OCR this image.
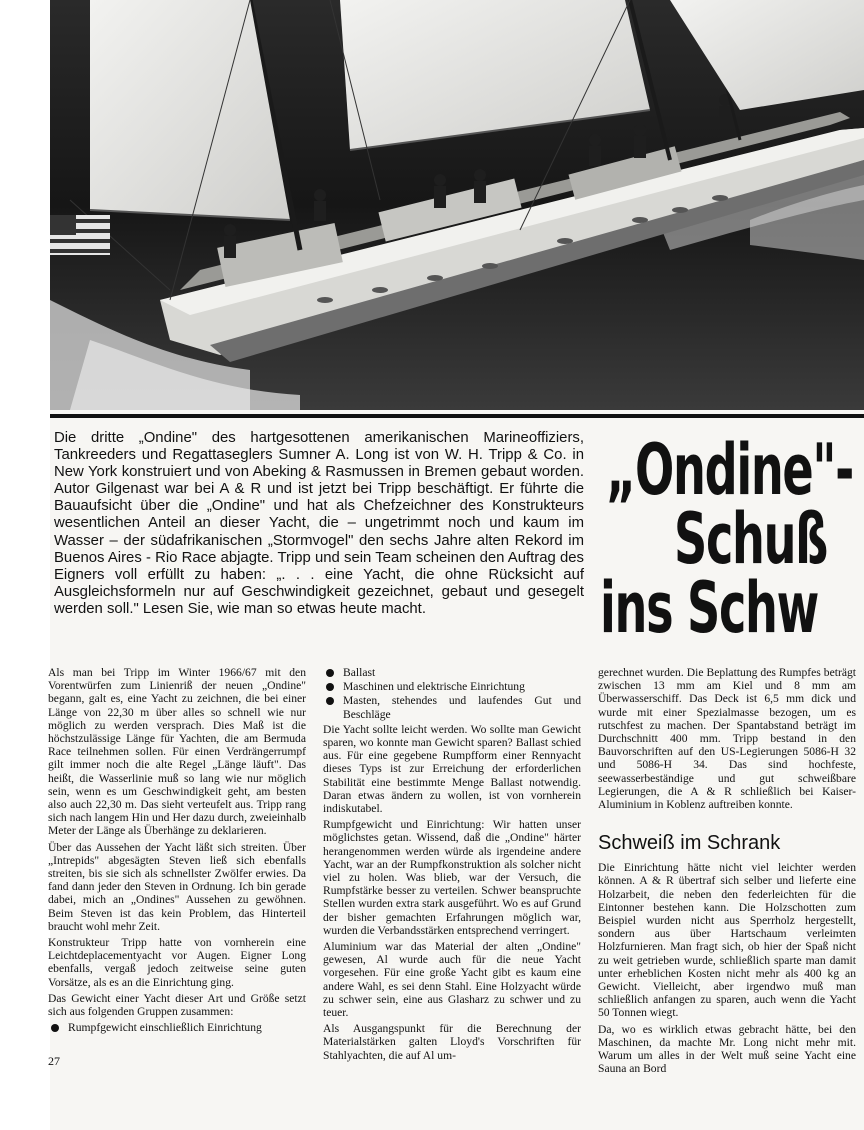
Die dritte „Ondine" des hartgesottenen amerikanischen Marineoffiziers, Tankreeders und Regattaseglers Sumner A. Long ist von W. H. Tripp & Co. in New York konstruiert und von Abeking & Rasmussen in Bremen gebaut worden. Autor Gilgenast war bei A & R und ist jetzt bei Tripp beschäftigt. Er führte die Bauaufsicht über die „Ondine" und hat als Chefzeichner des Konstrukteurs wesentlichen Anteil an dieser Yacht, die – ungetrimmt noch und kaum im Wasser – der südafrikanischen „Stormvogel" den sechs Jahre alten Rekord im Buenos Aires - Rio Race abjagte. Tripp und sein Team scheinen den Auftrag des Eigners voll erfüllt zu haben: „. . . eine Yacht, die ohne Rücksicht auf Ausgleichsformeln nur auf Geschwindigkeit gezeichnet, gebaut und gesegelt werden soll." Lesen Sie, wie man so etwas heute macht.

„Ondine"-
Schuß
ins Schw

Als man bei Tripp im Winter 1966/67 mit den Vorentwürfen zum Linienriß der neuen „Ondine" begann, galt es, eine Yacht zu zeichnen, die bei einer Länge von 22,30 m über alles so schnell wie nur möglich zu werden versprach. Dies Maß ist die höchstzulässige Länge für Yachten, die am Bermuda Race teilnehmen sollen. Für einen Verdrängerrumpf gilt immer noch die alte Regel „Länge läuft". Das heißt, die Wasserlinie muß so lang wie nur möglich sein, wenn es um Geschwindigkeit geht, am besten also auch 22,30 m. Das sieht verteufelt aus. Tripp rang sich nach langem Hin und Her dazu durch, zweieinhalb Meter der Länge als Überhänge zu deklarieren.

Über das Aussehen der Yacht läßt sich streiten. Über „Intrepids" abgesägten Steven ließ sich ebenfalls streiten, bis sie sich als schnellster Zwölfer erwies. Da fand dann jeder den Steven in Ordnung. Ich bin gerade dabei, mich an „Ondines" Aussehen zu gewöhnen. Beim Steven ist das kein Problem, das Hinterteil braucht wohl mehr Zeit.

Konstrukteur Tripp hatte von vornherein eine Leichtdeplacementyacht vor Augen. Eigner Long ebenfalls, vergaß jedoch zeitweise seine guten Vorsätze, als es an die Einrichtung ging.

Das Gewicht einer Yacht dieser Art und Größe setzt sich aus folgenden Gruppen zusammen:

Rumpfgewicht einschließlich Einrichtung
Ballast
Maschinen und elektrische Einrichtung
Masten, stehendes und laufendes Gut und Beschläge

Die Yacht sollte leicht werden. Wo sollte man Gewicht sparen, wo konnte man Gewicht sparen? Ballast schied aus. Für eine gegebene Rumpfform einer Rennyacht dieses Typs ist zur Erreichung der erforderlichen Stabilität eine bestimmte Menge Ballast notwendig. Daran etwas ändern zu wollen, ist von vornherein indiskutabel.

Rumpfgewicht und Einrichtung: Wir hatten unser möglichstes getan. Wissend, daß die „Ondine" härter herangenommen werden würde als irgendeine andere Yacht, war an der Rumpfkonstruktion als solcher nicht viel zu holen. Was blieb, war der Versuch, die Rumpfstärke besser zu verteilen. Schwer beanspruchte Stellen wurden extra stark ausgeführt. Wo es auf Grund der bisher gemachten Erfahrungen möglich war, wurden die Verbandsstärken entsprechend verringert.

Aluminium war das Material der alten „Ondine" gewesen, Al wurde auch für die neue Yacht vorgesehen. Für eine große Yacht gibt es kaum eine andere Wahl, es sei denn Stahl. Eine Holzyacht würde zu schwer sein, eine aus Glasharz zu schwer und zu teuer.

Als Ausgangspunkt für die Berechnung der Materialstärken galten Lloyd's Vorschriften für Stahlyachten, die auf Al um-

gerechnet wurden. Die Beplattung des Rumpfes beträgt zwischen 13 mm am Kiel und 8 mm am Überwasserschiff. Das Deck ist 6,5 mm dick und wurde mit einer Spezialmasse bezogen, um es rutschfest zu machen. Der Spantabstand beträgt im Durchschnitt 400 mm. Tripp bestand in den Bauvorschriften auf den US-Legierungen 5086-H 32 und 5086-H 34. Das sind hochfeste, seewasserbeständige und gut schweißbare Legierungen, die A & R schließlich bei Kaiser-Aluminium in Koblenz auftreiben konnte.

Schweiß im Schrank

Die Einrichtung hätte nicht viel leichter werden können. A & R übertraf sich selber und lieferte eine Holzarbeit, die neben den federleichten für die Eintonner bestehen kann. Die Holzschotten zum Beispiel wurden nicht aus Sperrholz hergestellt, sondern aus über Hartschaum verleimten Holzfurnieren. Man fragt sich, ob hier der Spaß nicht zu weit getrieben wurde, schließlich sparte man damit unter erheblichen Kosten nicht mehr als 400 kg an Gewicht. Vielleicht, aber irgendwo muß man schließlich anfangen zu sparen, auch wenn die Yacht 50 Tonnen wiegt.

Da, wo es wirklich etwas gebracht hätte, bei den Maschinen, da machte Mr. Long nicht mehr mit. Warum um alles in der Welt muß seine Yacht eine Sauna an Bord

27
